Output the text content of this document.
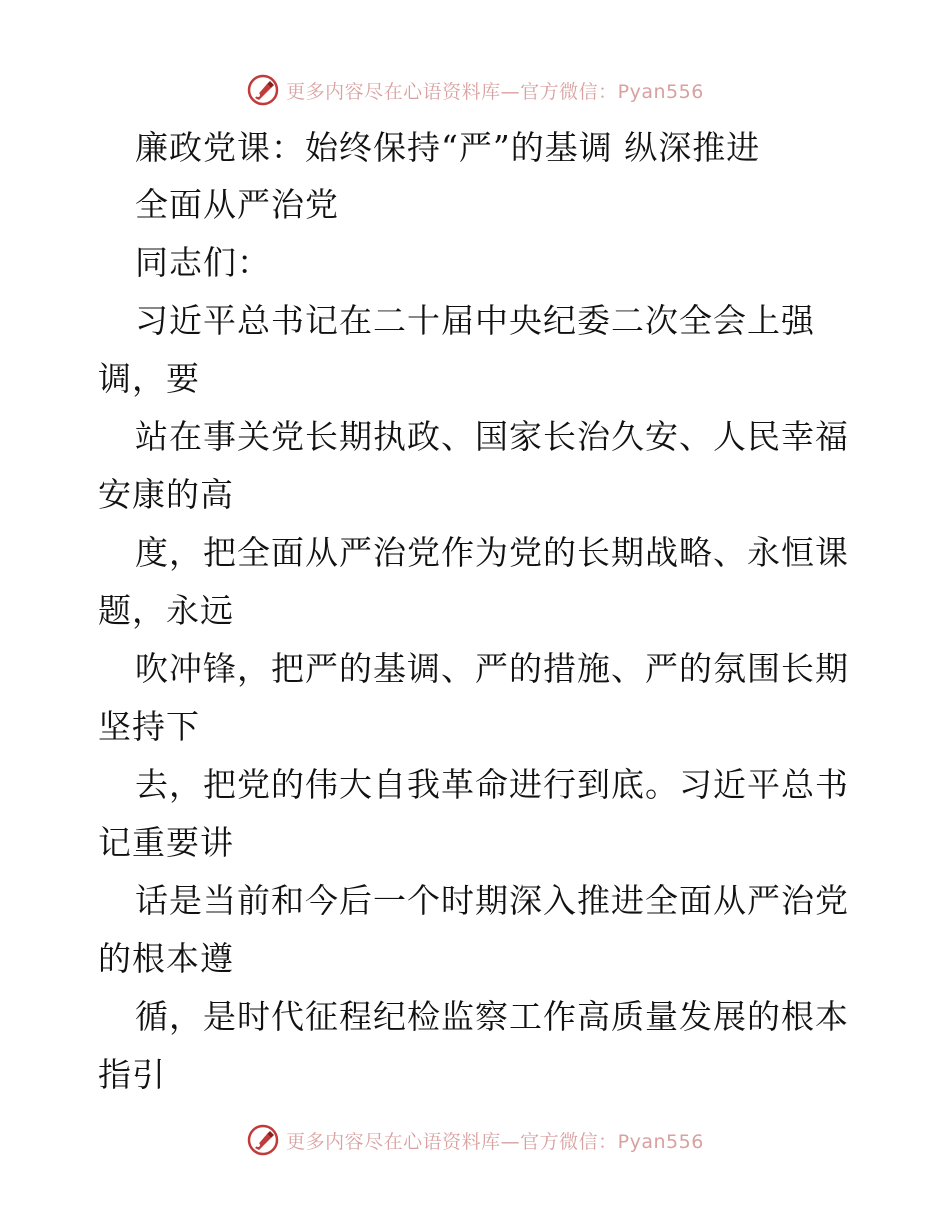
更多内容尽在心语资料库—官方微信：Pyan556
廉政党课：始终保持“严”的基调 纵深推进
全面从严治党
同志们：
习近平总书记在二十届中央纪委二次全会上强
调，要
站在事关党长期执政、国家长治久安、人民幸福
安康的高
度，把全面从严治党作为党的长期战略、永恒课
题，永远
吹冲锋，把严的基调、严的措施、严的氛围长期
坚持下
去，把党的伟大自我革命进行到底。习近平总书
记重要讲
话是当前和今后一个时期深入推进全面从严治党
的根本遵
循，是时代征程纪检监察工作高质量发展的根本
指引
更多内容尽在心语资料库—官方微信：Pyan556
